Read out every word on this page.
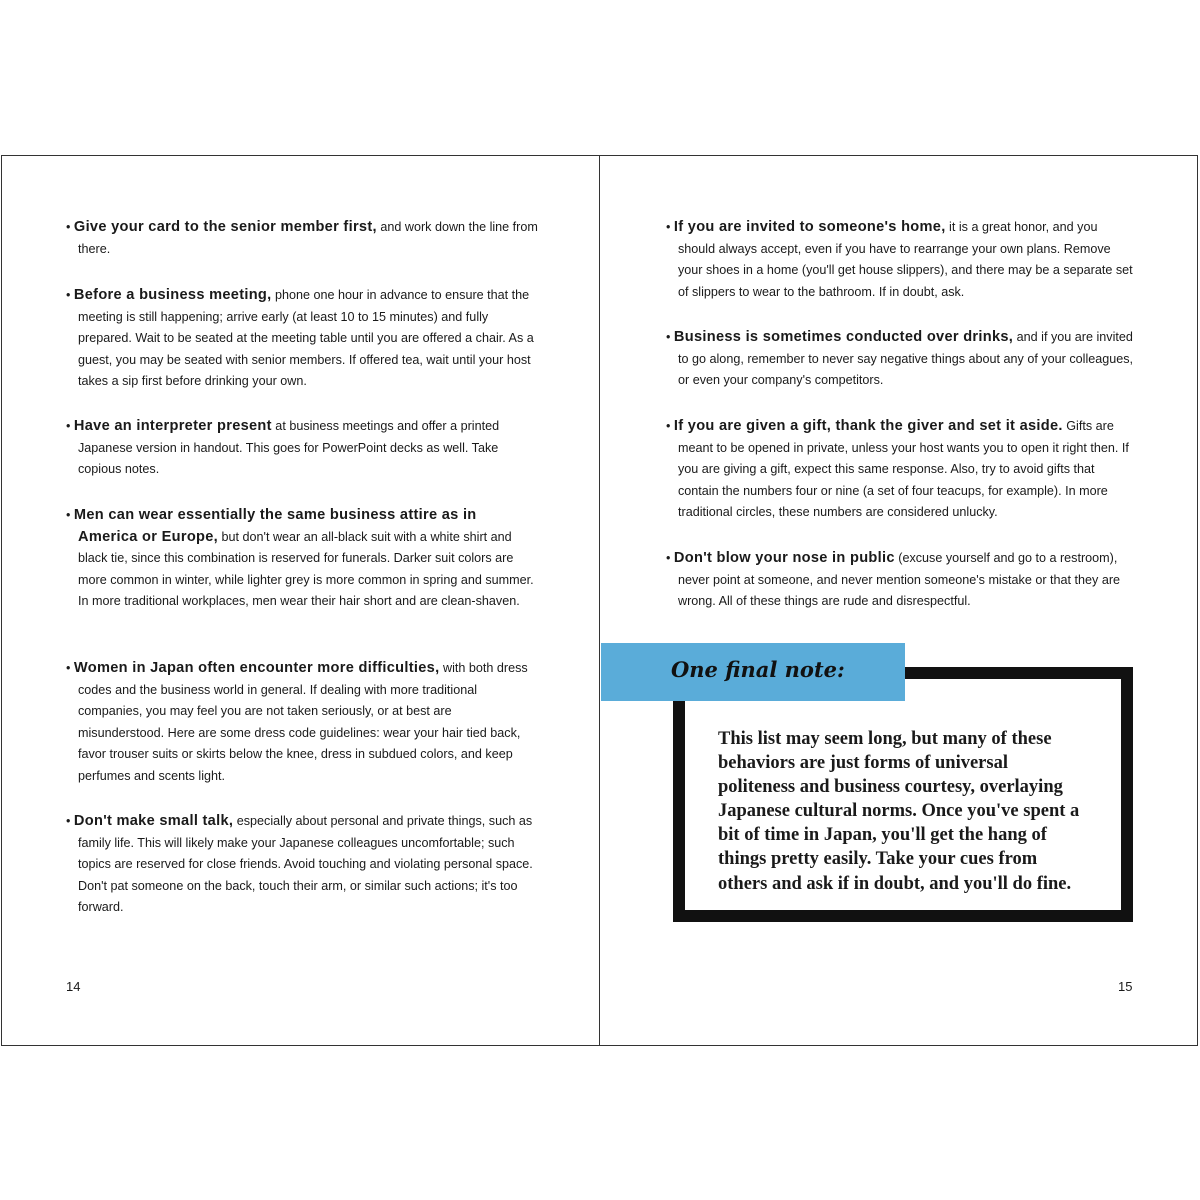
• Give your card to the senior member first, and work down the line from there.

• Before a business meeting, phone one hour in advance to ensure that the meeting is still happening; arrive early (at least 10 to 15 minutes) and fully prepared. Wait to be seated at the meeting table until you are offered a chair. As a guest, you may be seated with senior members. If offered tea, wait until your host takes a sip first before drinking your own.

• Have an interpreter present at business meetings and offer a printed Japanese version in handout. This goes for PowerPoint decks as well. Take copious notes.

• Men can wear essentially the same business attire as in America or Europe, but don't wear an all-black suit with a white shirt and black tie, since this combination is reserved for funerals. Darker suit colors are more common in winter, while lighter grey is more common in spring and summer. In more traditional workplaces, men wear their hair short and are clean-shaven.

• Women in Japan often encounter more difficulties, with both dress codes and the business world in general. If dealing with more traditional companies, you may feel you are not taken seriously, or at best are misunderstood. Here are some dress code guidelines: wear your hair tied back, favor trouser suits or skirts below the knee, dress in subdued colors, and keep perfumes and scents light.

• Don't make small talk, especially about personal and private things, such as family life. This will likely make your Japanese colleagues uncomfortable; such topics are reserved for close friends. Avoid touching and violating personal space. Don't pat someone on the back, touch their arm, or similar such actions; it's too forward.

14

• If you are invited to someone's home, it is a great honor, and you should always accept, even if you have to rearrange your own plans. Remove your shoes in a home (you'll get house slippers), and there may be a separate set of slippers to wear to the bathroom. If in doubt, ask.

• Business is sometimes conducted over drinks, and if you are invited to go along, remember to never say negative things about any of your colleagues, or even your company's competitors.

• If you are given a gift, thank the giver and set it aside. Gifts are meant to be opened in private, unless your host wants you to open it right then. If you are giving a gift, expect this same response. Also, try to avoid gifts that contain the numbers four or nine (a set of four teacups, for example). In more traditional circles, these numbers are considered unlucky.

• Don't blow your nose in public (excuse yourself and go to a restroom), never point at someone, and never mention someone's mistake or that they are wrong. All of these things are rude and disrespectful.

One final note:

This list may seem long, but many of these behaviors are just forms of universal politeness and business courtesy, overlaying Japanese cultural norms. Once you've spent a bit of time in Japan, you'll get the hang of things pretty easily. Take your cues from others and ask if in doubt, and you'll do fine.

15
